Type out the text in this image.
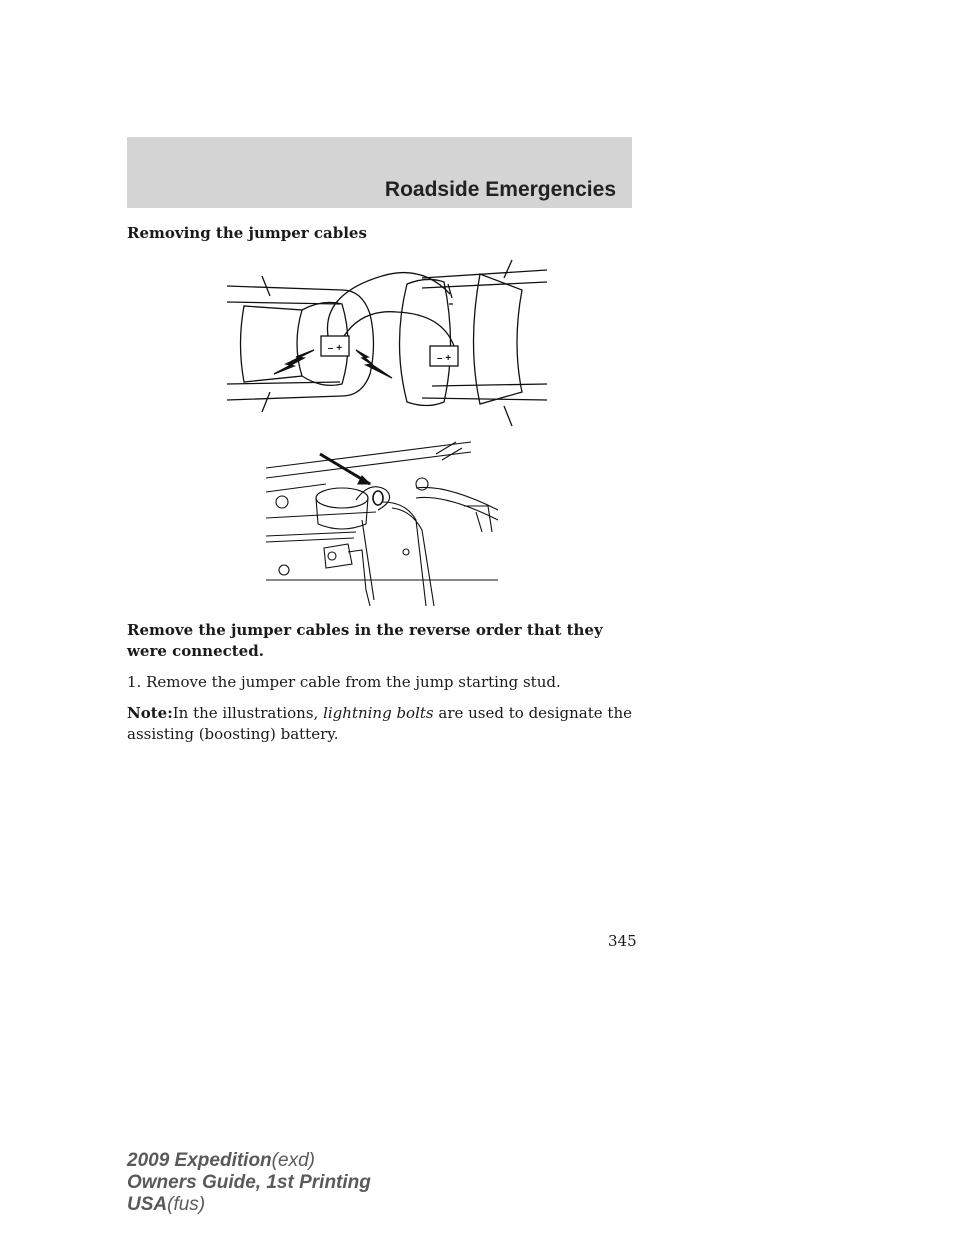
Roadside Emergencies
Removing the jumper cables
– +
– +

Remove the jumper cables in the reverse order that they were connected.

1. Remove the jumper cable from the jump starting stud.

Note:In the illustrations, lightning bolts are used to designate the assisting (boosting) battery.

345
2009 Expedition(exd)
Owners Guide, 1st Printing
USA(fus)
